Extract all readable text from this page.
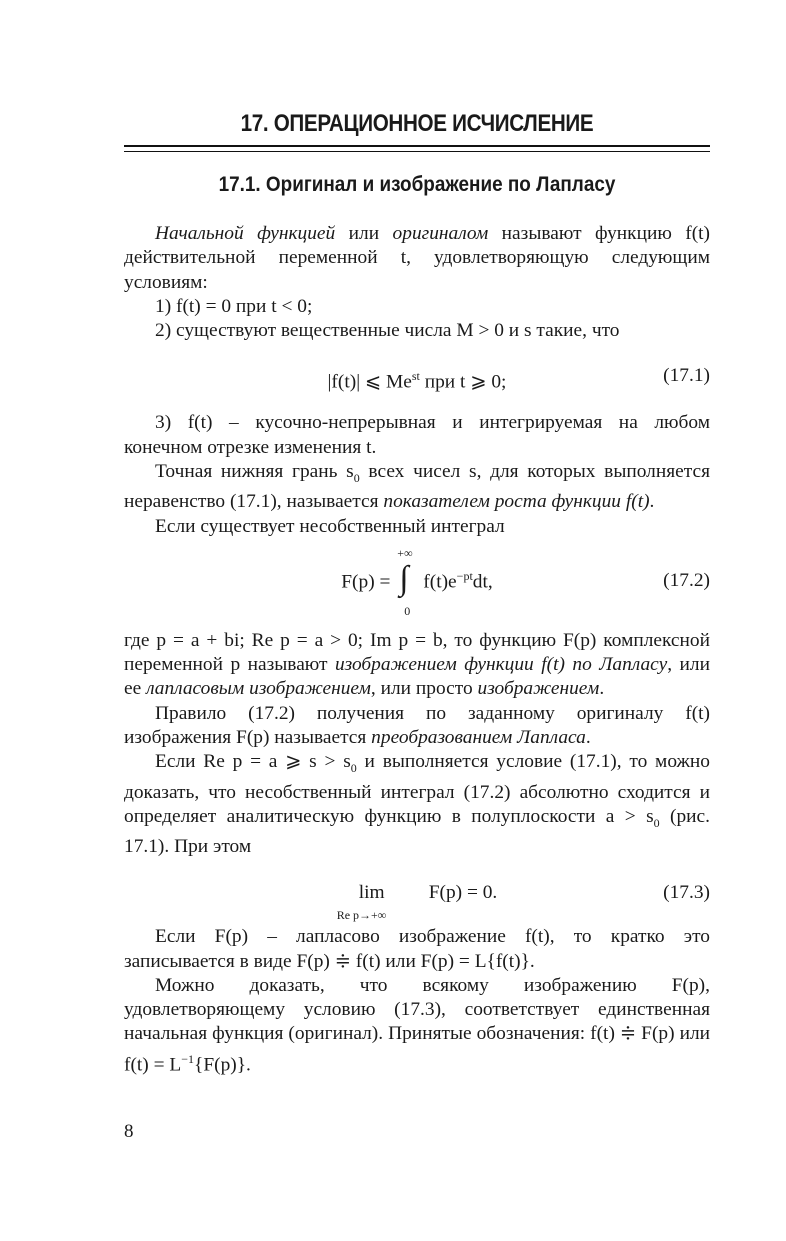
17. ОПЕРАЦИОННОЕ ИСЧИСЛЕНИЕ
17.1. Оригинал и изображение по Лапласу

Начальной функцией или оригиналом называют функцию f(t) действительной переменной t, удовлетворяющую следующим условиям:

1) f(t) = 0 при t < 0;

2) существуют вещественные числа M > 0 и s такие, что

|f(t)| ⩽ $Me^{st}$ при t ⩾ 0;	(17.1)

3) f(t) – кусочно-непрерывная и интегрируемая на любом конечном отрезке изменения t.

Точная нижняя грань $s_0$ всех чисел s, для которых выполняется неравенство (17.1), называется показателем роста функции f(t).

Если существует несобственный интеграл

F(p) =
+∞
∫
0
$f(t)e^{-pt}dt$,	(17.2)

где p = a + bi; Re p = a > 0; Im p = b, то функцию F(p) комплексной переменной p называют изображением функции f(t) по Лапласу, или ее лапласовым изображением, или просто изображением.

Правило (17.2) получения по заданному оригиналу f(t) изображения F(p) называется преобразованием Лапласа.

Если Re p = a ⩾ $s > s_0$ и выполняется условие (17.1), то можно доказать, что несобственный интеграл (17.2) абсолютно сходится и определяет аналитическую функцию в полуплоскости $a > s_0$ (рис. 17.1). При этом

lim
Re p→+∞
F(p) = 0.	(17.3)

Если F(p) – лапласово изображение f(t), то кратко это записывается в виде F(p) ≑ f(t) или F(p) = L{f(t)}.

Можно доказать, что всякому изображению F(p), удовлетворяющему условию (17.3), соответствует единственная начальная функция (оригинал). Принятые обозначения: f(t) ≑ F(p) или $f(t) = L^{-1}\{F(p)\}$.

8
